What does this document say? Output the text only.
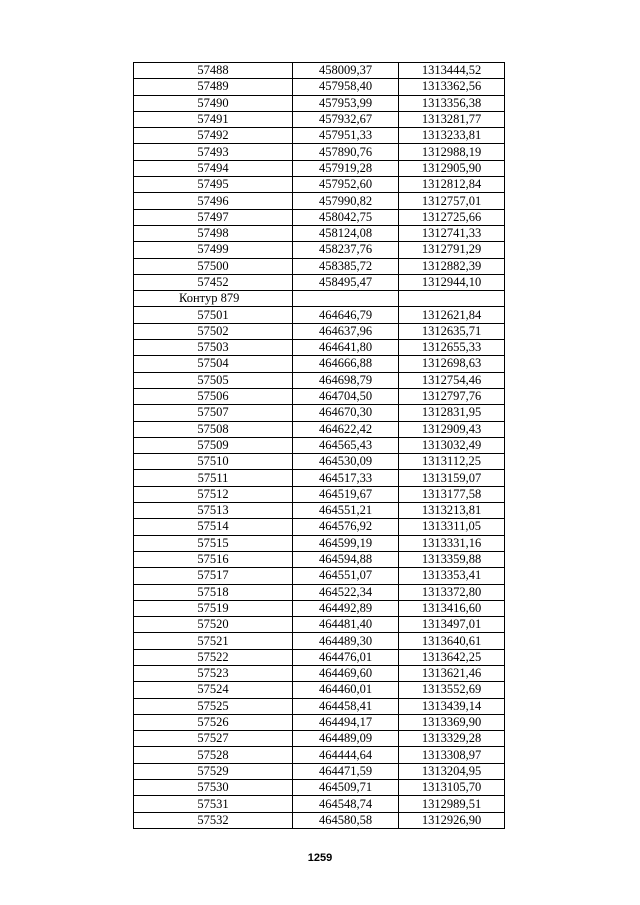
57488	458009,37	1313444,52
57489	457958,40	1313362,56
57490	457953,99	1313356,38
57491	457932,67	1313281,77
57492	457951,33	1313233,81
57493	457890,76	1312988,19
57494	457919,28	1312905,90
57495	457952,60	1312812,84
57496	457990,82	1312757,01
57497	458042,75	1312725,66
57498	458124,08	1312741,33
57499	458237,76	1312791,29
57500	458385,72	1312882,39
57452	458495,47	1312944,10
Контур 879		
57501	464646,79	1312621,84
57502	464637,96	1312635,71
57503	464641,80	1312655,33
57504	464666,88	1312698,63
57505	464698,79	1312754,46
57506	464704,50	1312797,76
57507	464670,30	1312831,95
57508	464622,42	1312909,43
57509	464565,43	1313032,49
57510	464530,09	1313112,25
57511	464517,33	1313159,07
57512	464519,67	1313177,58
57513	464551,21	1313213,81
57514	464576,92	1313311,05
57515	464599,19	1313331,16
57516	464594,88	1313359,88
57517	464551,07	1313353,41
57518	464522,34	1313372,80
57519	464492,89	1313416,60
57520	464481,40	1313497,01
57521	464489,30	1313640,61
57522	464476,01	1313642,25
57523	464469,60	1313621,46
57524	464460,01	1313552,69
57525	464458,41	1313439,14
57526	464494,17	1313369,90
57527	464489,09	1313329,28
57528	464444,64	1313308,97
57529	464471,59	1313204,95
57530	464509,71	1313105,70
57531	464548,74	1312989,51
57532	464580,58	1312926,90
1259
